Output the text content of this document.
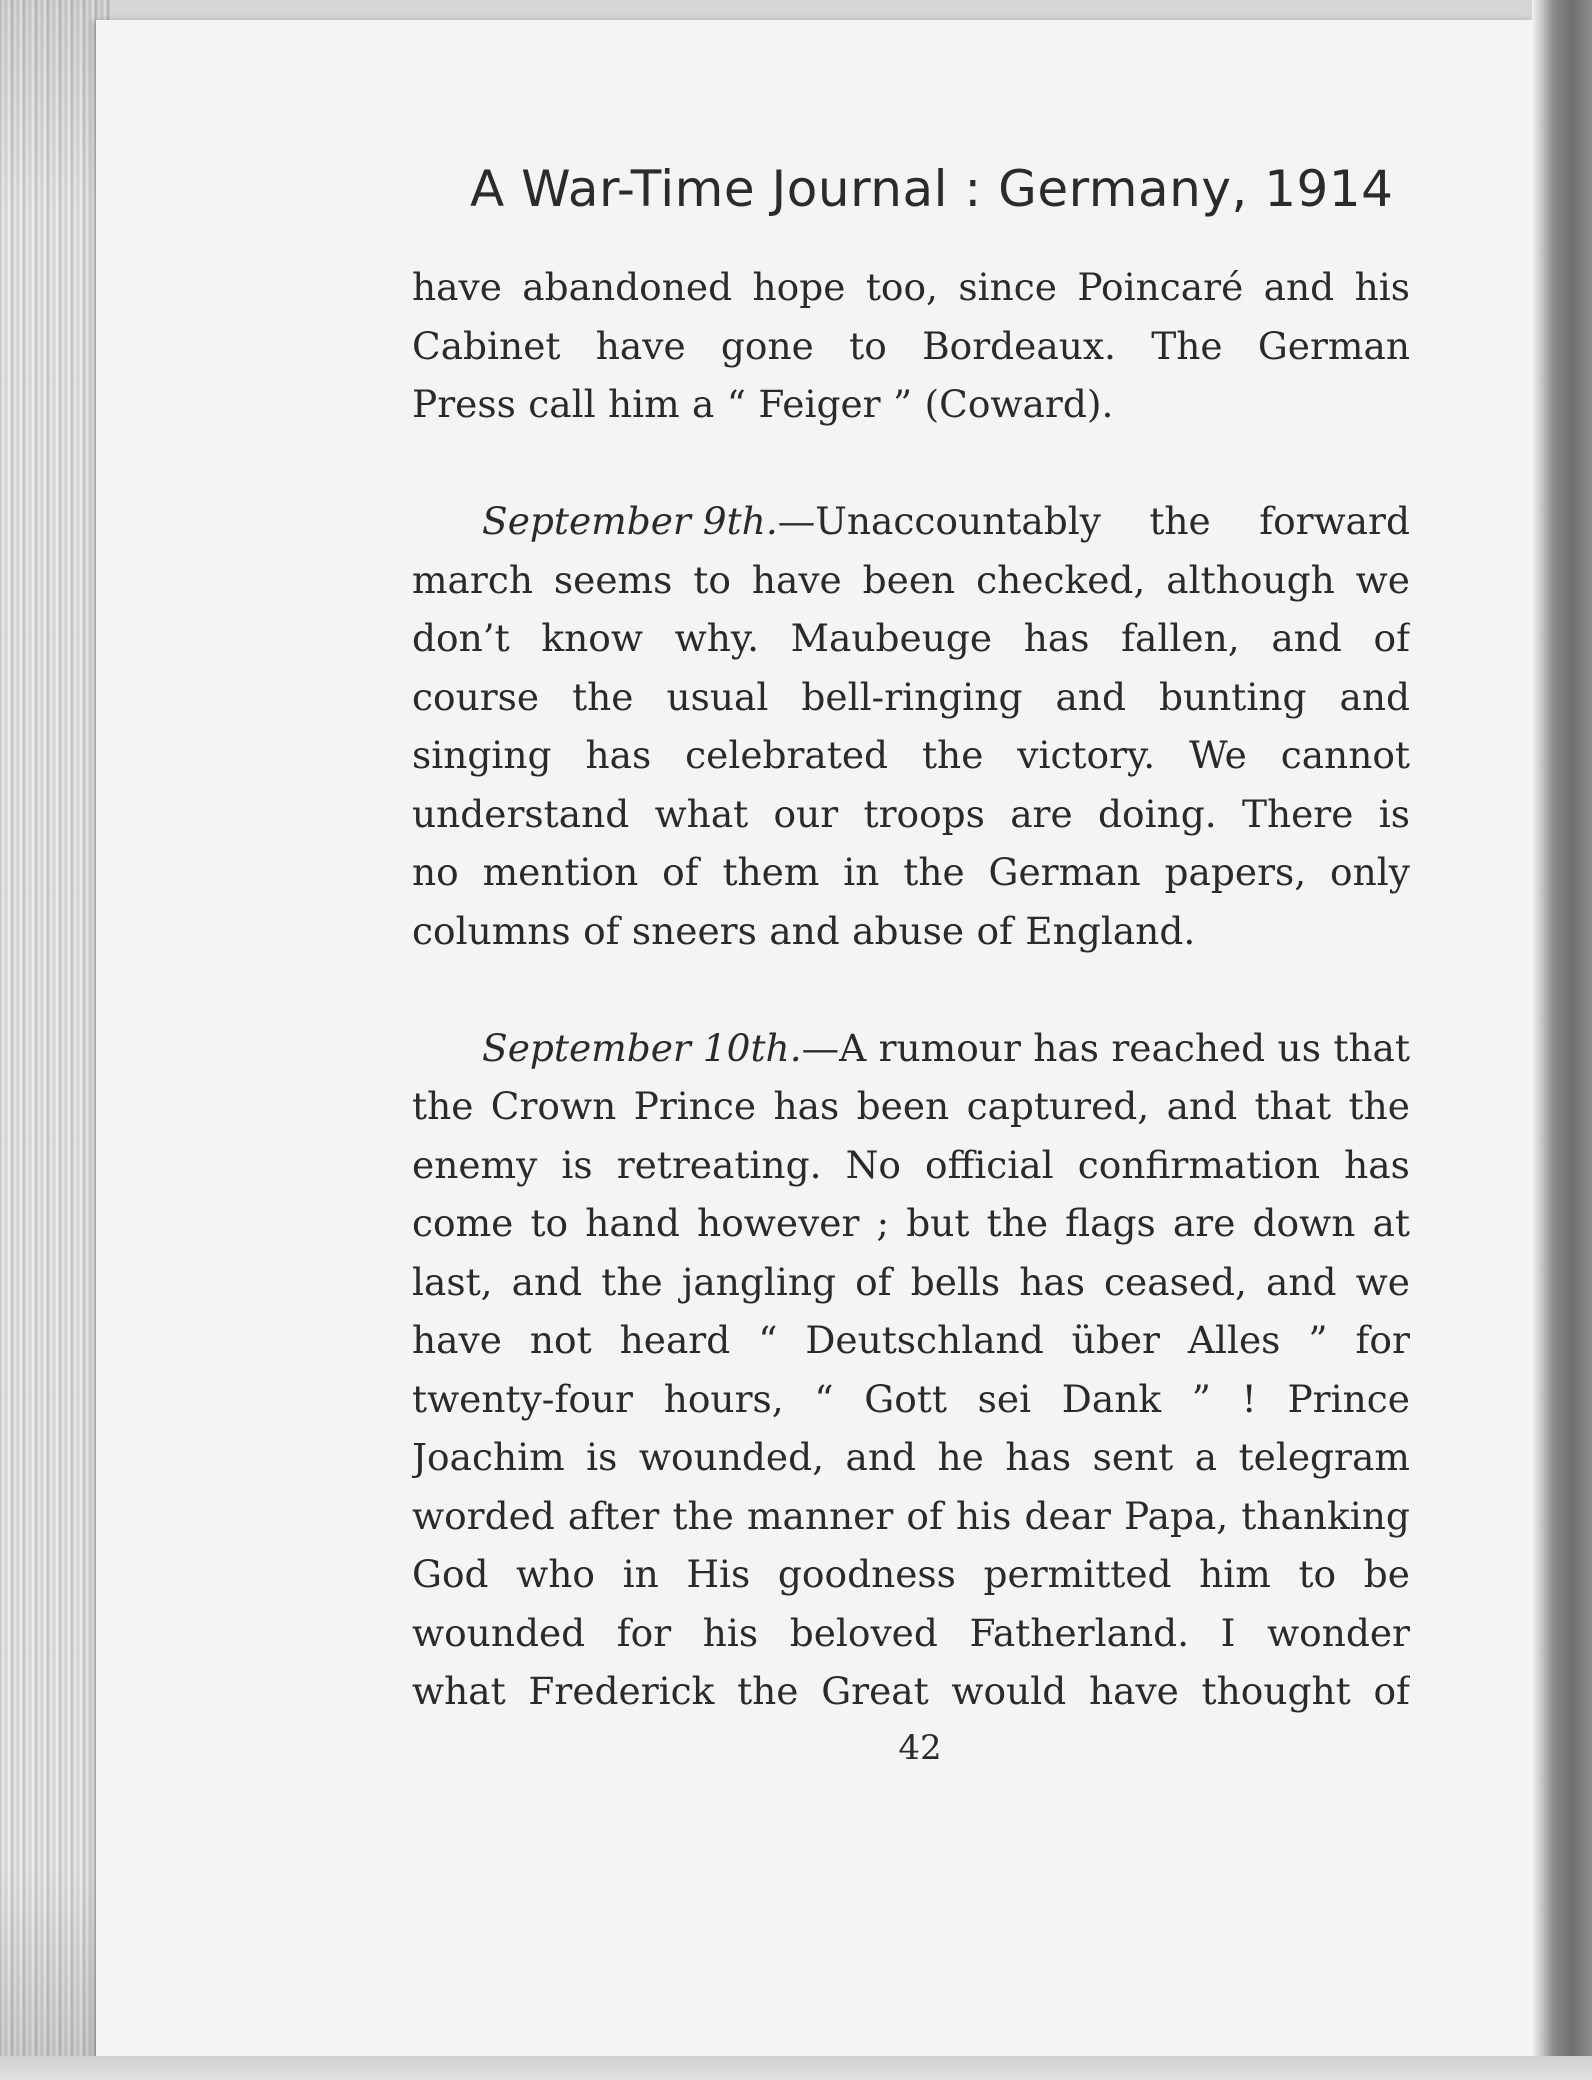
A War-Time Journal : Germany, 1914
have abandoned hope too, since Poincaré and his
Cabinet have gone to Bordeaux. The German
Press call him a “ Feiger ” (Coward).
September 9th.—Unaccountably the forward
march seems to have been checked, although we
don’t know why. Maubeuge has fallen, and of
course the usual bell-ringing and bunting and
singing has celebrated the victory. We cannot
understand what our troops are doing. There is
no mention of them in the German papers, only
columns of sneers and abuse of England.
September 10th.—A rumour has reached us that
the Crown Prince has been captured, and that the
enemy is retreating. No official confirmation has
come to hand however ; but the flags are down at
last, and the jangling of bells has ceased, and we
have not heard “ Deutschland über Alles ” for
twenty-four hours, “ Gott sei Dank ” ! Prince
Joachim is wounded, and he has sent a telegram
worded after the manner of his dear Papa, thanking
God who in His goodness permitted him to be
wounded for his beloved Fatherland. I wonder
what Frederick the Great would have thought of
42
